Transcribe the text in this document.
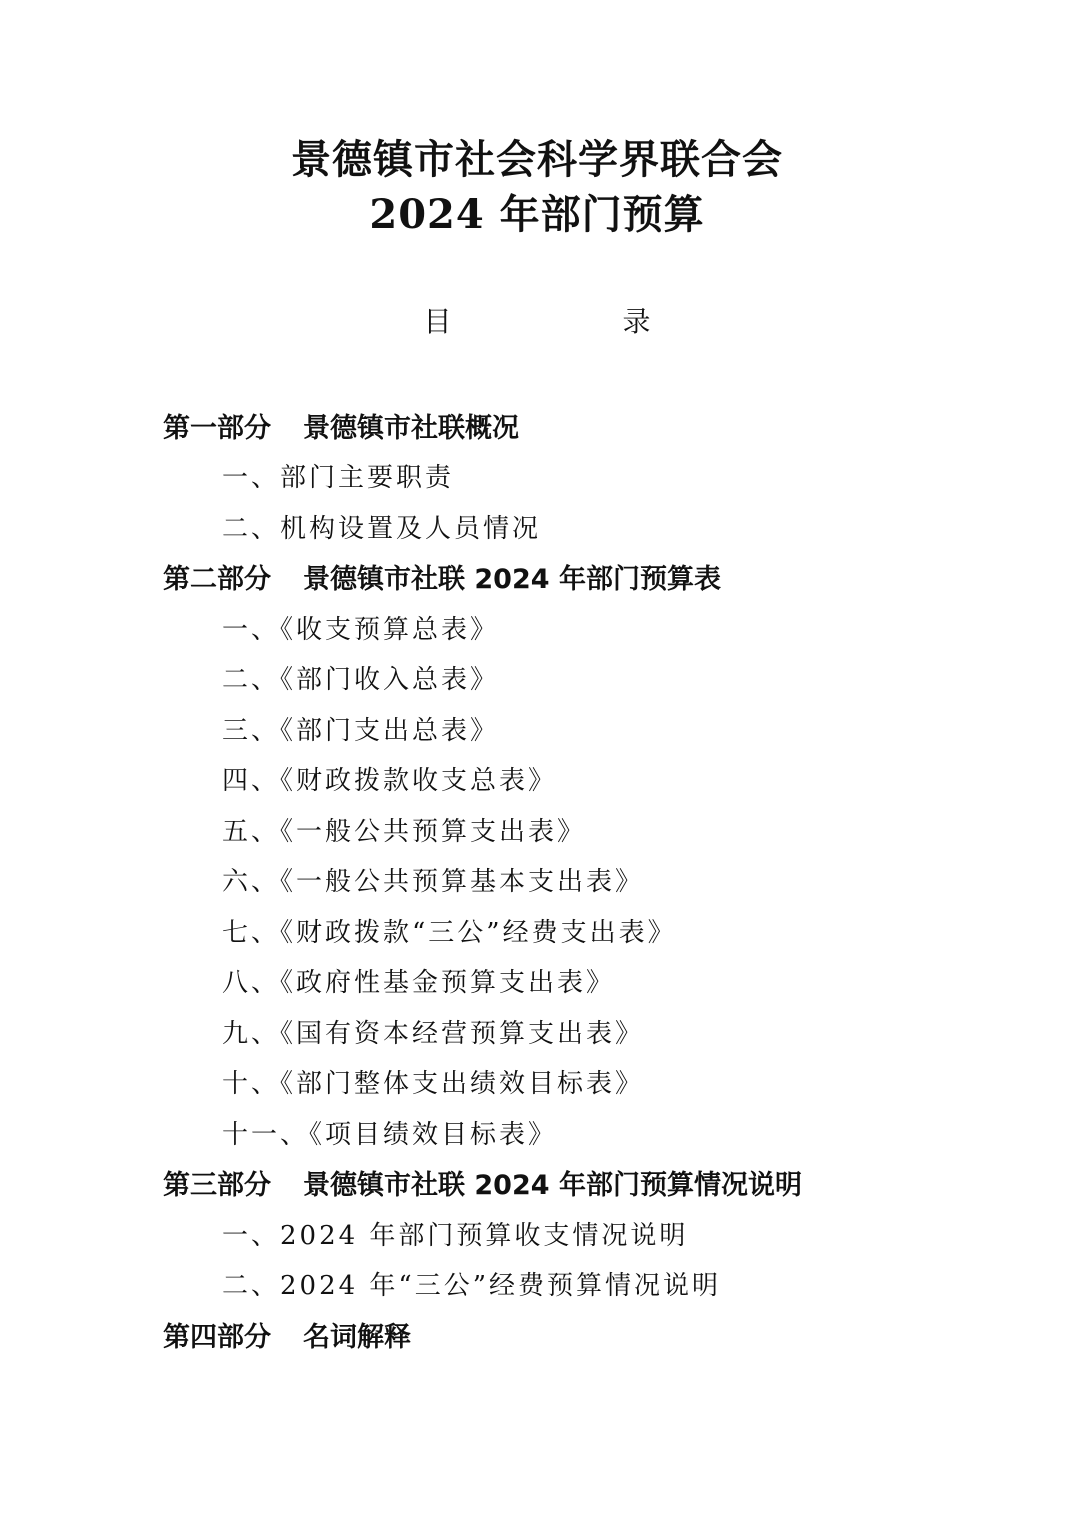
景德镇市社会科学界联合会
2024 年部门预算
目 录
第一部分 景德镇市社联概况
一、部门主要职责
二、机构设置及人员情况
第二部分 景德镇市社联 2024 年部门预算表
一、《收支预算总表》
二、《部门收入总表》
三、《部门支出总表》
四、《财政拨款收支总表》
五、《一般公共预算支出表》
六、《一般公共预算基本支出表》
七、《财政拨款“三公”经费支出表》
八、《政府性基金预算支出表》
九、《国有资本经营预算支出表》
十、《部门整体支出绩效目标表》
十一、《项目绩效目标表》
第三部分 景德镇市社联 2024 年部门预算情况说明
一、2024 年部门预算收支情况说明
二、2024 年“三公”经费预算情况说明
第四部分 名词解释
